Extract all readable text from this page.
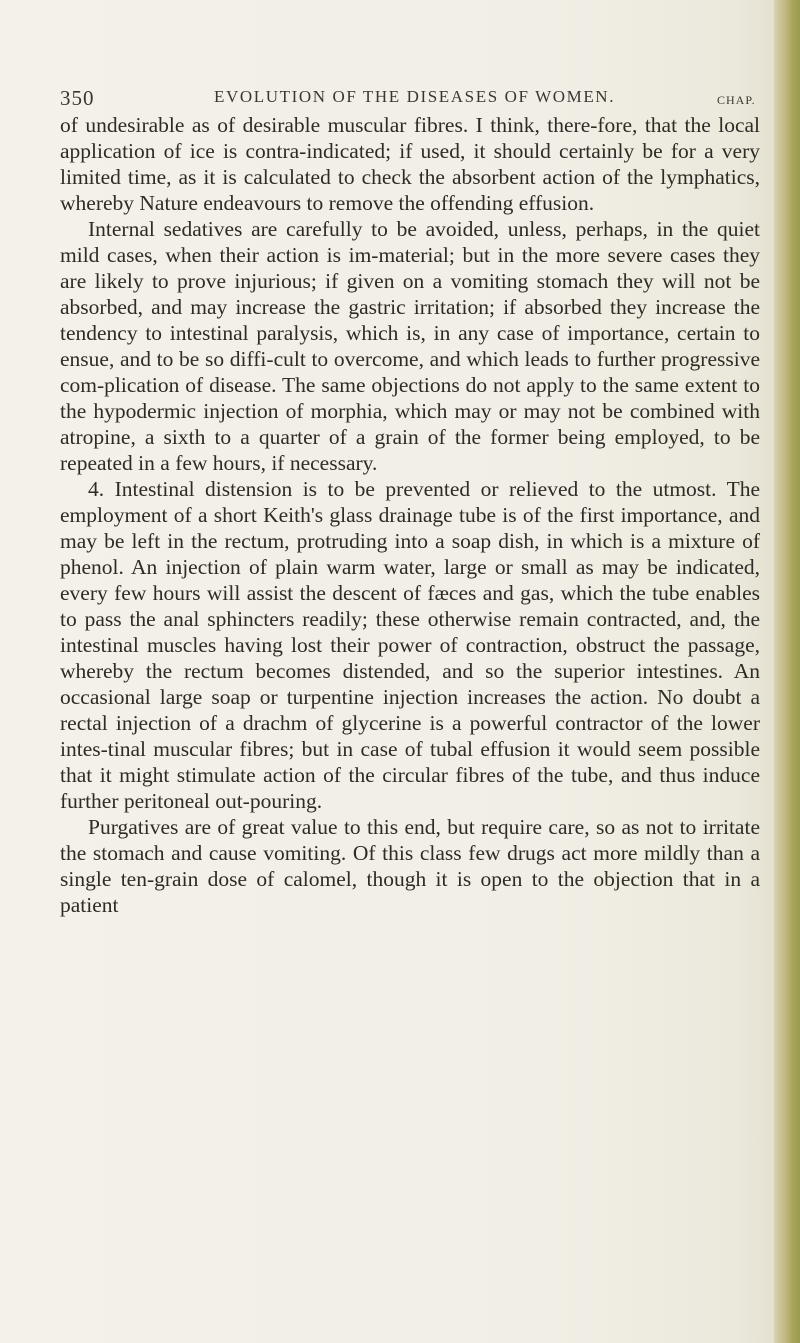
350	EVOLUTION OF THE DISEASES OF WOMEN.	CHAP.

of undesirable as of desirable muscular fibres. I think, there-fore, that the local application of ice is contra-indicated; if used, it should certainly be for a very limited time, as it is calculated to check the absorbent action of the lymphatics, whereby Nature endeavours to remove the offending effusion.

Internal sedatives are carefully to be avoided, unless, perhaps, in the quiet mild cases, when their action is im-material; but in the more severe cases they are likely to prove injurious; if given on a vomiting stomach they will not be absorbed, and may increase the gastric irritation; if absorbed they increase the tendency to intestinal paralysis, which is, in any case of importance, certain to ensue, and to be so diffi-cult to overcome, and which leads to further progressive com-plication of disease. The same objections do not apply to the same extent to the hypodermic injection of morphia, which may or may not be combined with atropine, a sixth to a quarter of a grain of the former being employed, to be repeated in a few hours, if necessary.

4. Intestinal distension is to be prevented or relieved to the utmost. The employment of a short Keith's glass drainage tube is of the first importance, and may be left in the rectum, protruding into a soap dish, in which is a mixture of phenol. An injection of plain warm water, large or small as may be indicated, every few hours will assist the descent of fæces and gas, which the tube enables to pass the anal sphincters readily; these otherwise remain contracted, and, the intestinal muscles having lost their power of contraction, obstruct the passage, whereby the rectum becomes distended, and so the superior intestines. An occasional large soap or turpentine injection increases the action. No doubt a rectal injection of a drachm of glycerine is a powerful contractor of the lower intes-tinal muscular fibres; but in case of tubal effusion it would seem possible that it might stimulate action of the circular fibres of the tube, and thus induce further peritoneal out-pouring.

Purgatives are of great value to this end, but require care, so as not to irritate the stomach and cause vomiting. Of this class few drugs act more mildly than a single ten-grain dose of calomel, though it is open to the objection that in a patient
